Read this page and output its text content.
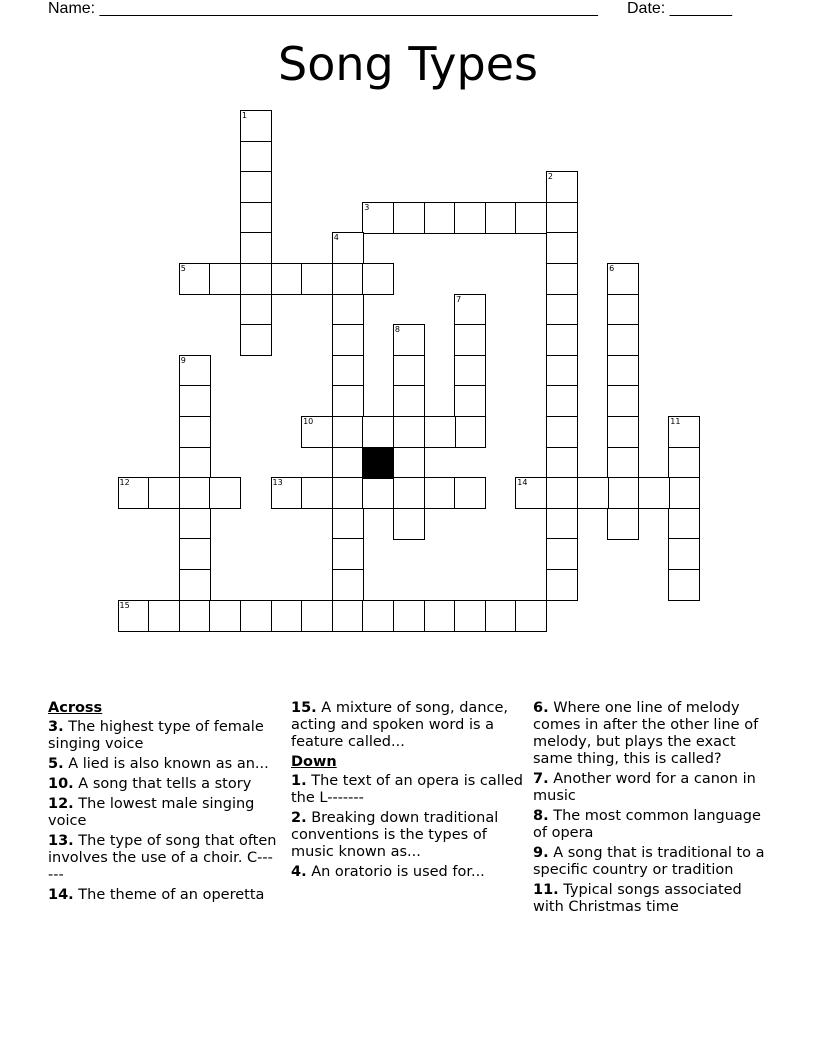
Name: ________________________________________________________ Date: _______
Song Types
1
2
3
4
5	6
7
8
9
10	11
12	13	14
15
Across
3. The highest type of female singing voice
5. A lied is also known as an...
10. A song that tells a story
12. The lowest male singing voice
13. The type of song that often involves the use of a choir. C------
14. The theme of an operetta
15. A mixture of song, dance, acting and spoken word is a feature called...
Down
1. The text of an opera is called the L-------
2. Breaking down traditional conventions is the types of music known as...
4. An oratorio is used for...
6. Where one line of melody comes in after the other line of melody, but plays the exact same thing, this is called?
7. Another word for a canon in music
8. The most common language of opera
9. A song that is traditional to a specific country or tradition
11. Typical songs associated with Christmas time
